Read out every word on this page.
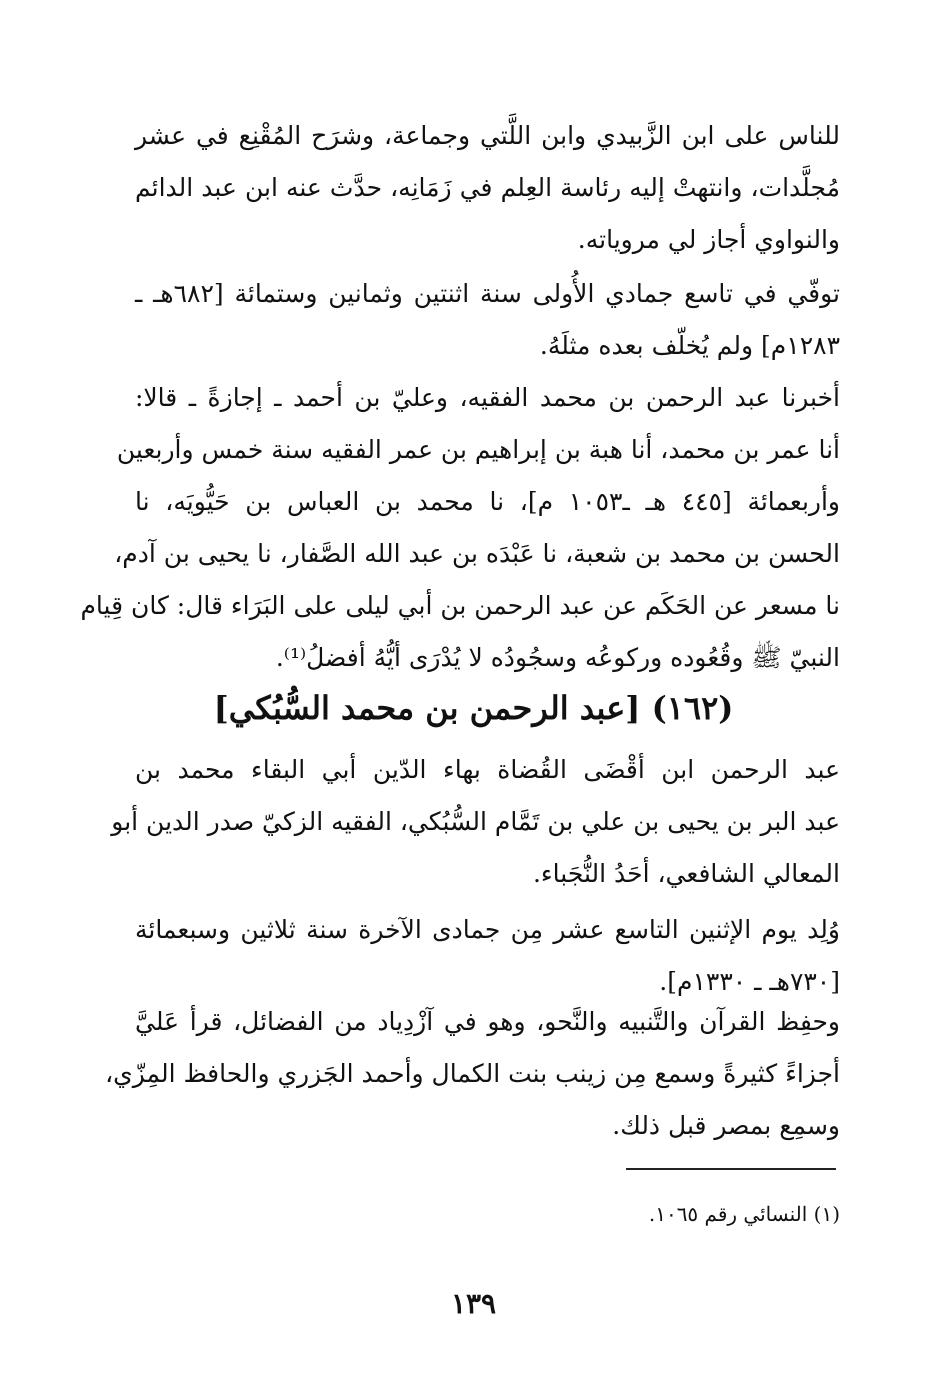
للناس على ابن الزَّبيدي وابن اللَّتي وجماعة، وشرَح المُقْنِع في عشر
مُجلَّدات، وانتهتْ إليه رئاسة العِلم في زَمَانِه، حدَّث عنه ابن عبد الدائم
والنواوي أجاز لي مروياته.
توفّي في تاسع جمادي الأُولى سنة اثنتين وثمانين وستمائة [٦٨٢هـ ـ
١٢٨٣م] ولم يُخلّف بعده مثلَهُ.
أخبرنا عبد الرحمن بن محمد الفقيه، وعليّ بن أحمد ـ إجازةً ـ قالا:
أنا عمر بن محمد، أنا هبة بن إبراهيم بن عمر الفقيه سنة خمس وأربعين
وأربعمائة [٤٤٥ هـ ـ١٠٥٣ م]، نا محمد بن العباس بن حَيُّويَه، نا
الحسن بن محمد بن شعبة، نا عَبْدَه بن عبد الله الصَّفار، نا يحيى بن آدم،
نا مسعر عن الحَكَم عن عبد الرحمن بن أبي ليلى على البَرَاء قال: كان قِيام
النبيّ ﷺ وقُعُوده وركوعُه وسجُودُه لا يُدْرَى أيُّهُ أفضلُ⁽¹⁾.
(١٦٢) [عبد الرحمن بن محمد السُّبُكي]
عبد الرحمن ابن أقْضَى القُضاة بهاء الدّين أبي البقاء محمد بن
عبد البر بن يحيى بن علي بن تَمَّام السُّبُكي، الفقيه الزكيّ صدر الدين أبو
المعالي الشافعي، أحَدُ النُّجَباء.
وُلِد يوم الإثنين التاسع عشر مِن جمادى الآخرة سنة ثلاثين وسبعمائة
[٧٣٠هـ ـ ١٣٣٠م].
وحفِظ القرآن والتَّنبيه والنَّحو، وهو في آزْدِياد من الفضائل، قرأ عَليَّ
أجزاءً كثيرةً وسمع مِن زينب بنت الكمال وأحمد الجَزري والحافظ المِزّي،
وسمِع بمصر قبل ذلك.
(١) النسائي رقم ١٠٦٥.
١٣٩
